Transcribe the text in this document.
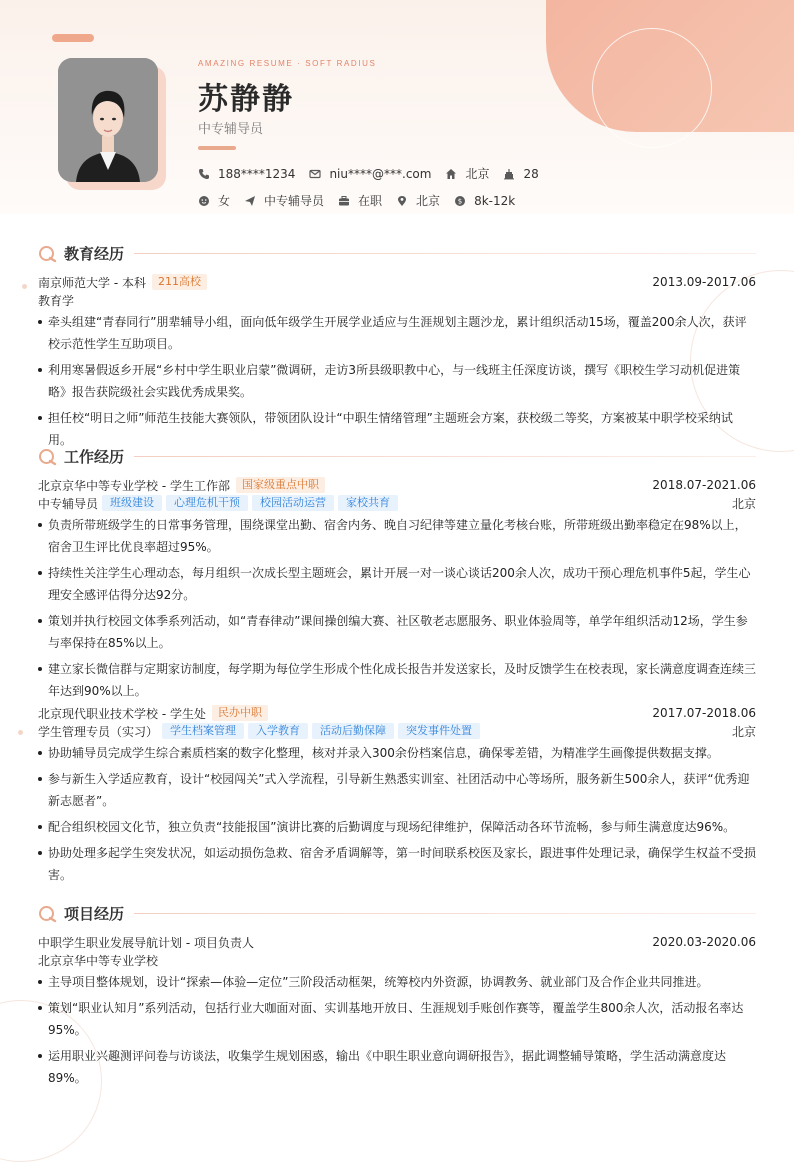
AMAZING RESUME · SOFT RADIUS
苏静静
中专辅导员
188****1234	niu****@***.com	北京	28
女	中专辅导员	在职	北京	$ 8k-12k
教育经历
南京师范大学 - 本科	211高校	2013.09-2017.06
教育学
牵头组建“青春同行”朋辈辅导小组，面向低年级学生开展学业适应与生涯规划主题沙龙，累计组织活动15场，覆盖200余人次，获评校示范性学生互助项目。
利用寒暑假返乡开展“乡村中学生职业启蒙”微调研，走访3所县级职教中心，与一线班主任深度访谈，撰写《职校生学习动机促进策略》报告获院级社会实践优秀成果奖。
担任校“明日之师”师范生技能大赛领队，带领团队设计“中职生情绪管理”主题班会方案，获校级二等奖，方案被某中职学校采纳试用。
工作经历
北京京华中等专业学校 - 学生工作部	国家级重点中职	2018.07-2021.06
中专辅导员	班级建设	心理危机干预	校园活动运营	家校共育	北京
负责所带班级学生的日常事务管理，围绕课堂出勤、宿舍内务、晚自习纪律等建立量化考核台账，所带班级出勤率稳定在98%以上，宿舍卫生评比优良率超过95%。
持续性关注学生心理动态，每月组织一次成长型主题班会，累计开展一对一谈心谈话200余人次，成功干预心理危机事件5起，学生心理安全感评估得分达92分。
策划并执行校园文体季系列活动，如“青春律动”课间操创编大赛、社区敬老志愿服务、职业体验周等，单学年组织活动12场，学生参与率保持在85%以上。
建立家长微信群与定期家访制度，每学期为每位学生形成个性化成长报告并发送家长，及时反馈学生在校表现，家长满意度调查连续三年达到90%以上。
北京现代职业技术学校 - 学生处	民办中职	2017.07-2018.06
学生管理专员（实习）	学生档案管理	入学教育	活动后勤保障	突发事件处置	北京
协助辅导员完成学生综合素质档案的数字化整理，核对并录入300余份档案信息，确保零差错，为精准学生画像提供数据支撑。
参与新生入学适应教育，设计“校园闯关”式入学流程，引导新生熟悉实训室、社团活动中心等场所，服务新生500余人，获评“优秀迎新志愿者”。
配合组织校园文化节，独立负责“技能报国”演讲比赛的后勤调度与现场纪律维护，保障活动各环节流畅，参与师生满意度达96%。
协助处理多起学生突发状况，如运动损伤急救、宿舍矛盾调解等，第一时间联系校医及家长，跟进事件处理记录，确保学生权益不受损害。
项目经历
中职学生职业发展导航计划 - 项目负责人	2020.03-2020.06
北京京华中等专业学校
主导项目整体规划，设计“探索—体验—定位”三阶段活动框架，统筹校内外资源，协调教务、就业部门及合作企业共同推进。
策划“职业认知月”系列活动，包括行业大咖面对面、实训基地开放日、生涯规划手账创作赛等，覆盖学生800余人次，活动报名率达95%。
运用职业兴趣测评问卷与访谈法，收集学生规划困惑，输出《中职生职业意向调研报告》，据此调整辅导策略，学生活动满意度达89%。
